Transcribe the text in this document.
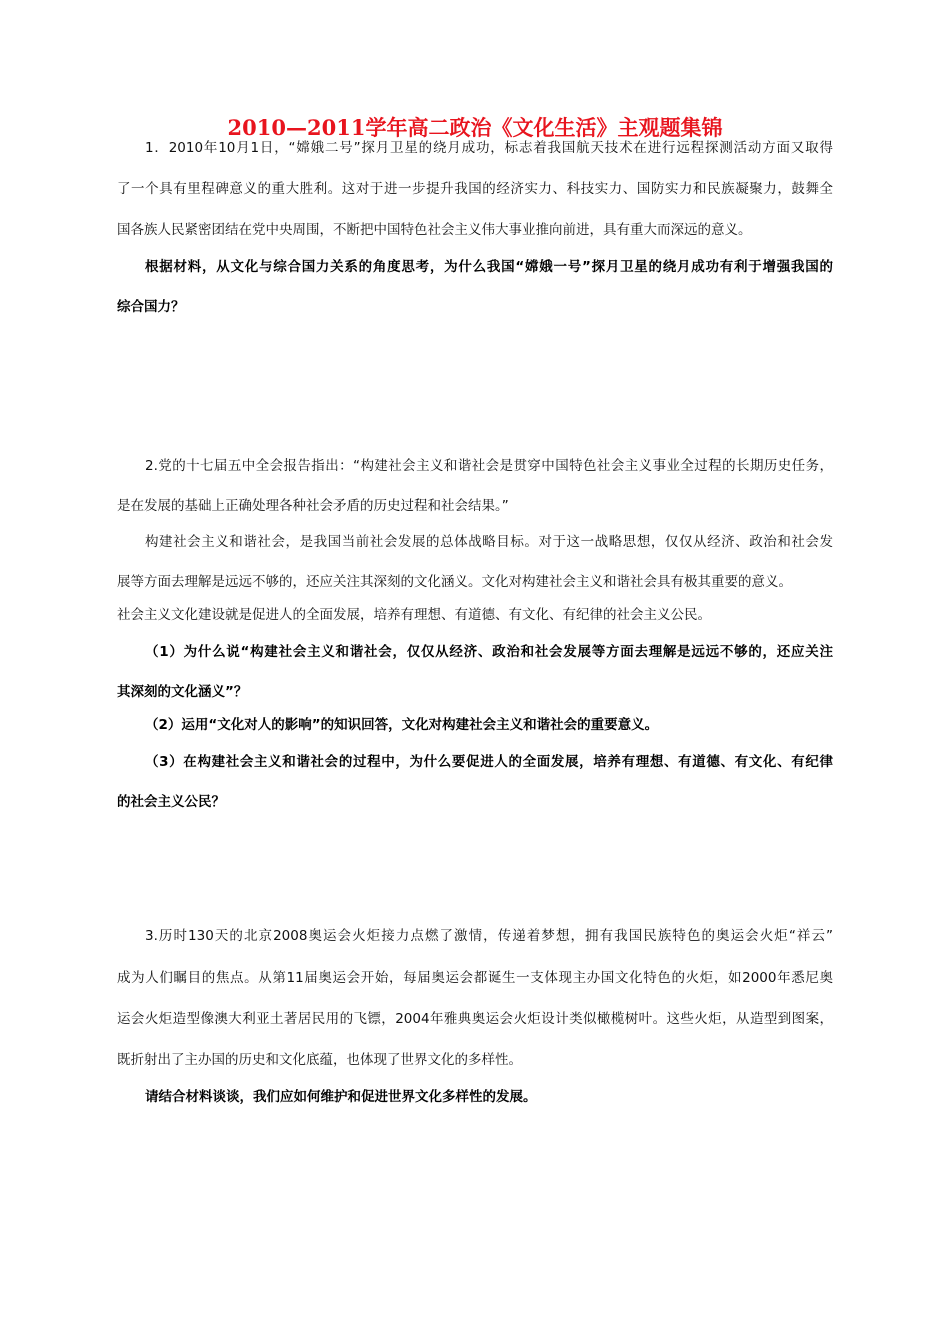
2010—2011学年高二政治《文化生活》主观题集锦
1．2010年10月1日，“嫦娥二号”探月卫星的绕月成功，标志着我国航天技术在进行远程探测活动方面又取得
了一个具有里程碑意义的重大胜利。这对于进一步提升我国的经济实力、科技实力、国防实力和民族凝聚力，鼓舞全
国各族人民紧密团结在党中央周围，不断把中国特色社会主义伟大事业推向前进，具有重大而深远的意义。
根据材料，从文化与综合国力关系的角度思考，为什么我国“嫦娥一号”探月卫星的绕月成功有利于增强我国的
综合国力？
2.党的十七届五中全会报告指出：“构建社会主义和谐社会是贯穿中国特色社会主义事业全过程的长期历史任务，
是在发展的基础上正确处理各种社会矛盾的历史过程和社会结果。”
构建社会主义和谐社会，是我国当前社会发展的总体战略目标。对于这一战略思想，仅仅从经济、政治和社会发
展等方面去理解是远远不够的，还应关注其深刻的文化涵义。文化对构建社会主义和谐社会具有极其重要的意义。
社会主义文化建设就是促进人的全面发展，培养有理想、有道德、有文化、有纪律的社会主义公民。
（1）为什么说“构建社会主义和谐社会，仅仅从经济、政治和社会发展等方面去理解是远远不够的，还应关注
其深刻的文化涵义”？
（2）运用“文化对人的影响”的知识回答，文化对构建社会主义和谐社会的重要意义。
（3）在构建社会主义和谐社会的过程中，为什么要促进人的全面发展，培养有理想、有道德、有文化、有纪律
的社会主义公民？
3.历时130天的北京2008奥运会火炬接力点燃了激情，传递着梦想，拥有我国民族特色的奥运会火炬“祥云”
成为人们瞩目的焦点。从第11届奥运会开始，每届奥运会都诞生一支体现主办国文化特色的火炬，如2000年悉尼奥
运会火炬造型像澳大利亚土著居民用的飞镖，2004年雅典奥运会火炬设计类似橄榄树叶。这些火炬，从造型到图案，
既折射出了主办国的历史和文化底蕴，也体现了世界文化的多样性。
请结合材料谈谈，我们应如何维护和促进世界文化多样性的发展。
